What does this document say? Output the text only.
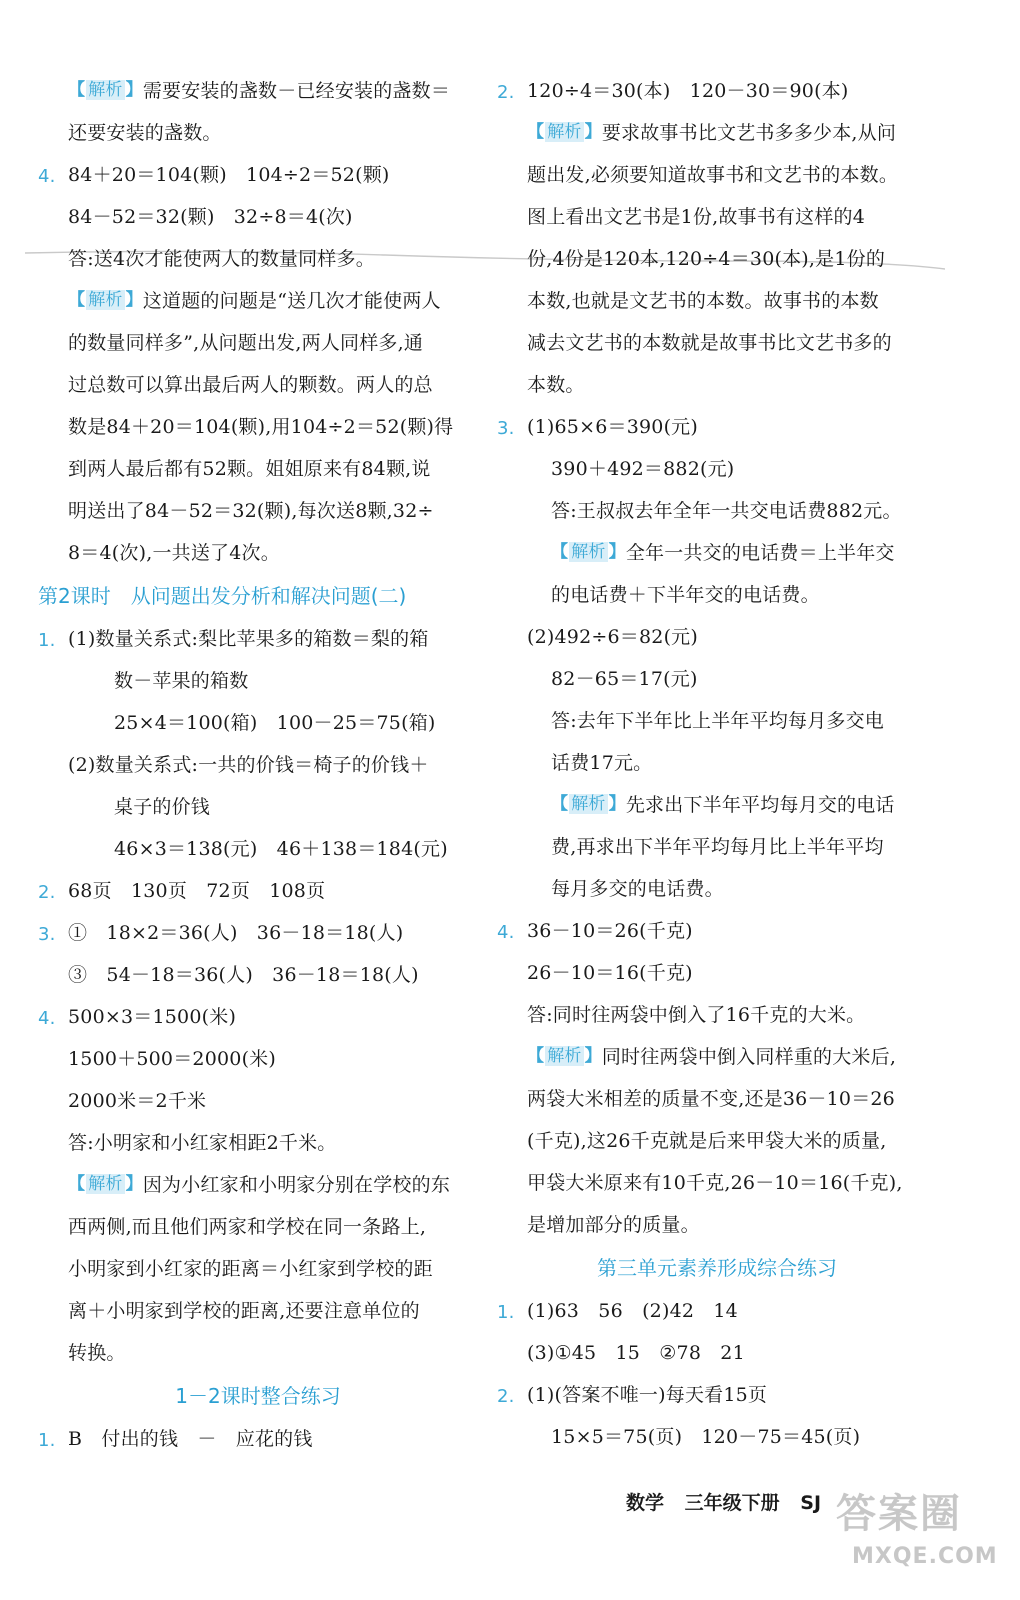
【 解析 】需要安装的盏数－已经安装的盏数＝
还要安装的盏数。
4. 84＋20＝104(颗)　104÷2＝52(颗)
84－52＝32(颗)　32÷8＝4(次)
答:送4次才能使两人的数量同样多。
【 解析 】这道题的问题是“送几次才能使两人
的数量同样多”,从问题出发,两人同样多,通
过总数可以算出最后两人的颗数。两人的总
数是84＋20＝104(颗),用104÷2＝52(颗)得
到两人最后都有52颗。姐姐原来有84颗,说
明送出了84－52＝32(颗),每次送8颗,32÷
8＝4(次),一共送了4次。
第2课时　从问题出发分析和解决问题(二)
1. (1)数量关系式:梨比苹果多的箱数＝梨的箱
数－苹果的箱数
25×4＝100(箱)　100－25＝75(箱)
(2)数量关系式:一共的价钱＝椅子的价钱＋
桌子的价钱
46×3＝138(元)　46＋138＝184(元)
2. 68页　130页　72页　108页
3. ①　18×2＝36(人)　36－18＝18(人)
③　54－18＝36(人)　36－18＝18(人)
4. 500×3＝1500(米)
1500＋500＝2000(米)
2000米＝2千米
答:小明家和小红家相距2千米。
【 解析 】因为小红家和小明家分别在学校的东
西两侧,而且他们两家和学校在同一条路上,
小明家到小红家的距离＝小红家到学校的距
离＋小明家到学校的距离,还要注意单位的
转换。
1－2课时整合练习
1. B　付出的钱　－　应花的钱
2. 120÷4＝30(本)　120－30＝90(本)
【 解析 】要求故事书比文艺书多多少本,从问
题出发,必须要知道故事书和文艺书的本数。
图上看出文艺书是1份,故事书有这样的4
份,4份是120本,120÷4＝30(本),是1份的
本数,也就是文艺书的本数。故事书的本数
减去文艺书的本数就是故事书比文艺书多的
本数。
3. (1)65×6＝390(元)
390＋492＝882(元)
答:王叔叔去年全年一共交电话费882元。
【 解析 】全年一共交的电话费＝上半年交
的电话费＋下半年交的电话费。
(2)492÷6＝82(元)
82－65＝17(元)
答:去年下半年比上半年平均每月多交电
话费17元。
【 解析 】先求出下半年平均每月交的电话
费,再求出下半年平均每月比上半年平均
每月多交的电话费。
4. 36－10＝26(千克)
26－10＝16(千克)
答:同时往两袋中倒入了16千克的大米。
【 解析 】同时往两袋中倒入同样重的大米后,
两袋大米相差的质量不变,还是36－10＝26
(千克),这26千克就是后来甲袋大米的质量,
甲袋大米原来有10千克,26－10＝16(千克),
是增加部分的质量。
第三单元素养形成综合练习
1. (1)63　56　(2)42　14
(3)①45　15　②78　21
2. (1)(答案不唯一)每天看15页
15×5＝75(页)　120－75＝45(页)
数学 三年级下册 SJ 答案圈
MXQE.COM
